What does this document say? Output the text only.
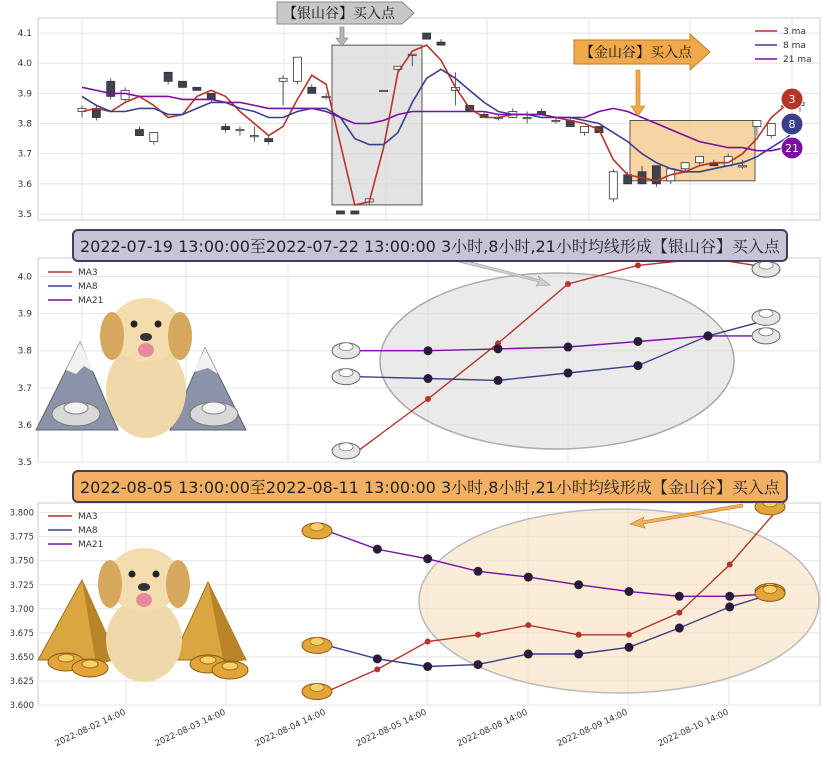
3.5
3.6
3.7
3.8
3.9
4.0
4.1
3
8
21
3 ma
8 ma
21 ma
【银山谷】买入点
【金山谷】买入点
3.5
3.6
3.7
3.8
3.9
4.0	MA3
MA8
MA21
3.600
3.625
3.650
3.675
3.700
3.725
3.750
3.775
3.800
2022-08-02 14:00	2022-08-03 14:00	2022-08-04 14:00	2022-08-05 14:00	2022-08-08 14:00	2022-08-09 14:00	2022-08-10 14:00
MA3
MA8
MA21
2022-07-19 13:00:00至2022-07-22 13:00:00 3小时,8小时,21小时均线形成【银山谷】买入点
2022-08-05 13:00:00至2022-08-11 13:00:00 3小时,8小时,21小时均线形成【金山谷】买入点
